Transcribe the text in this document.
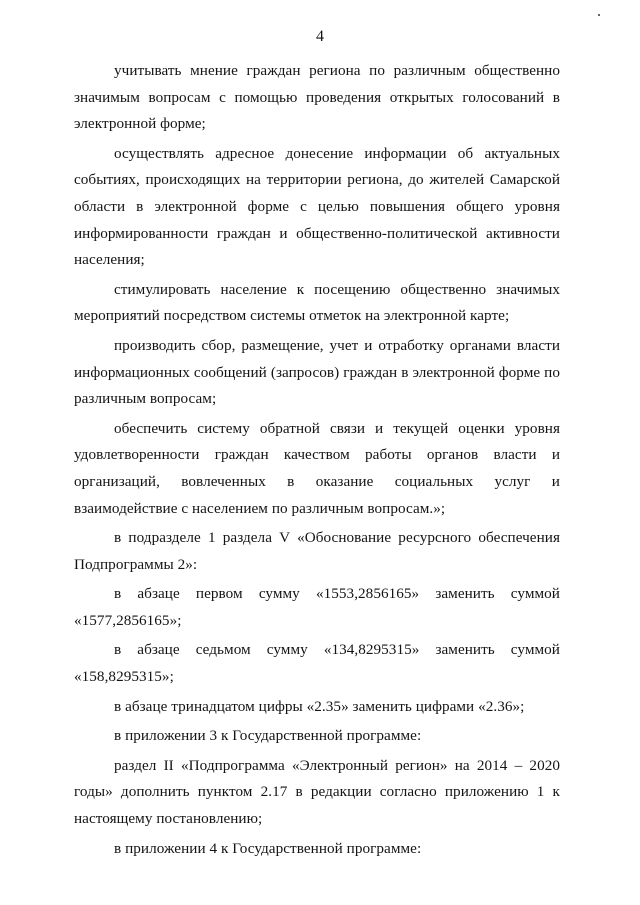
4

учитывать мнение граждан региона по различным общественно значимым вопросам с помощью проведения открытых голосований в электронной форме;

осуществлять адресное донесение информации об актуальных событиях, происходящих на территории региона, до жителей Самарской области в электронной форме с целью повышения общего уровня информированности граждан и общественно-политической активности населения;

стимулировать население к посещению общественно значимых мероприятий посредством системы отметок на электронной карте;

производить сбор, размещение, учет и отработку органами власти информационных сообщений (запросов) граждан в электронной форме по различным вопросам;

обеспечить систему обратной связи и текущей оценки уровня удовлетворенности граждан качеством работы органов власти и организаций, вовлеченных в оказание социальных услуг и взаимодействие с населением по различным вопросам.»;

в подразделе 1 раздела V «Обоснование ресурсного обеспечения Подпрограммы 2»:

в абзаце первом сумму «1553,2856165» заменить суммой «1577,2856165»;

в абзаце седьмом сумму «134,8295315» заменить суммой «158,8295315»;

в абзаце тринадцатом цифры «2.35» заменить цифрами «2.36»;

в приложении 3 к Государственной программе:

раздел II «Подпрограмма «Электронный регион» на 2014 – 2020 годы» дополнить пунктом 2.17 в редакции согласно приложению 1 к настоящему постановлению;

в приложении 4 к Государственной программе:
